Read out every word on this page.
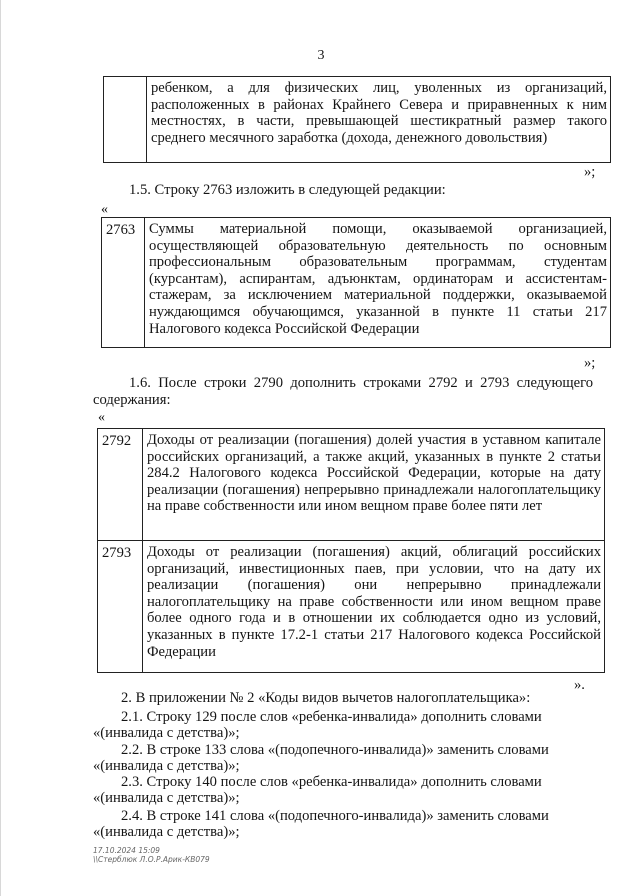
3
	ребенком, а для физических лиц, уволенных из организаций, расположенных в районах Крайнего Севера и приравненных к ним местностях, в части, превышающей шестикратный размер такого среднего месячного заработка (дохода, денежного довольствия)
»;
1.5. Строку 2763 изложить в следующей редакции:
«
2763	Суммы материальной помощи, оказываемой организацией, осуществляющей образовательную деятельность по основным профессиональным образовательным программам, студентам (курсантам), аспирантам, адъюнктам, ординаторам и ассистентам-стажерам, за исключением материальной поддержки, оказываемой нуждающимся обучающимся, указанной в пункте 11 статьи 217 Налогового кодекса Российской Федерации
»;
1.6. После строки 2790 дополнить строками 2792 и 2793 следующего содержания:
«
2792	Доходы от реализации (погашения) долей участия в уставном капитале российских организаций, а также акций, указанных в пункте 2 статьи 284.2 Налогового кодекса Российской Федерации, которые на дату реализации (погашения) непрерывно принадлежали налогоплательщику на праве собственности или ином вещном праве более пяти лет
2793	Доходы от реализации (погашения) акций, облигаций российских организаций, инвестиционных паев, при условии, что на дату их реализации (погашения) они непрерывно принадлежали налогоплательщику на праве собственности или ином вещном праве более одного года и в отношении их соблюдается одно из условий, указанных в пункте 17.2-1 статьи 217 Налогового кодекса Российской Федерации
».
2. В приложении № 2 «Коды видов вычетов налогоплательщика»:
2.1. Строку 129 после слов «ребенка-инвалида» дополнить словами
«(инвалида с детства)»;
2.2. В строке 133 слова «(подопечного-инвалида)» заменить словами
«(инвалида с детства)»;
2.3. Строку 140 после слов «ребенка-инвалида» дополнить словами
«(инвалида с детства)»;
2.4. В строке 141 слова «(подопечного-инвалида)» заменить словами
«(инвалида с детства)»;
17.10.2024 15:09
\\Стерблюк Л.О.Р.Арик-КВ079
